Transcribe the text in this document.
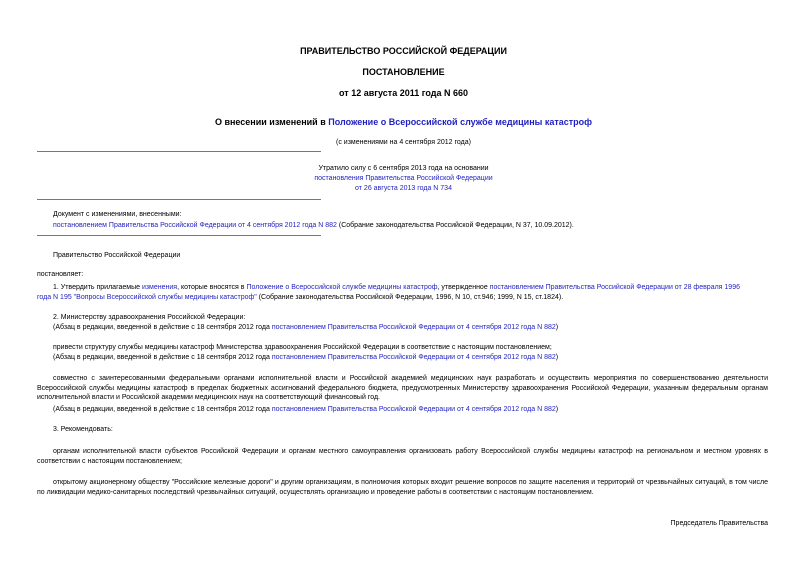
ПРАВИТЕЛЬСТВО РОССИЙСКОЙ ФЕДЕРАЦИИ
ПОСТАНОВЛЕНИЕ
от 12 августа 2011 года N 660
О внесении изменений в Положение о Всероссийской службе медицины катастроф
(с изменениями на 4 сентября 2012 года)
Утратило силу с 6 сентября 2013 года на основании
постановления Правительства Российской Федерации
от 26 августа 2013 года N 734
Документ с изменениями, внесенными:
постановлением Правительства Российской Федерации от 4 сентября 2012 года N 882 (Собрание законодательства Российской Федерации, N 37, 10.09.2012).
Правительство Российской Федерации
постановляет:
1. Утвердить прилагаемые изменения, которые вносятся в Положение о Всероссийской службе медицины катастроф, утвержденное постановлением Правительства Российской Федерации от 28 февраля 1996
года N 195 "Вопросы Всероссийской службы медицины катастроф" (Собрание законодательства Российской Федерации, 1996, N 10, ст.946; 1999, N 15, ст.1824).
2. Министерству здравоохранения Российской Федерации:
(Абзац в редакции, введенной в действие с 18 сентября 2012 года постановлением Правительства Российской Федерации от 4 сентября 2012 года N 882)
привести структуру службы медицины катастроф Министерства здравоохранения Российской Федерации в соответствие с настоящим постановлением;
(Абзац в редакции, введенной в действие с 18 сентября 2012 года постановлением Правительства Российской Федерации от 4 сентября 2012 года N 882)
совместно с заинтересованными федеральными органами исполнительной власти и Российской академией медицинских наук разработать и осуществить мероприятия по совершенствованию деятельности Всероссийской службы медицины катастроф в пределах бюджетных ассигнований федерального бюджета, предусмотренных Министерству здравоохранения Российской Федерации, указанным федеральным органам исполнительной власти и Российской академии медицинских наук на соответствующий финансовый год.
(Абзац в редакции, введенной в действие с 18 сентября 2012 года постановлением Правительства Российской Федерации от 4 сентября 2012 года N 882)
3. Рекомендовать:
органам исполнительной власти субъектов Российской Федерации и органам местного самоуправления организовать работу Всероссийской службы медицины катастроф на региональном и местном уровнях в соответствии с настоящим постановлением;
открытому акционерному обществу "Российские железные дороги" и другим организациям, в полномочия которых входит решение вопросов по защите населения и территорий от чрезвычайных ситуаций, в том числе по ликвидации медико-санитарных последствий чрезвычайных ситуаций, осуществлять организацию и проведение работы в соответствии с настоящим постановлением.
Председатель Правительства
